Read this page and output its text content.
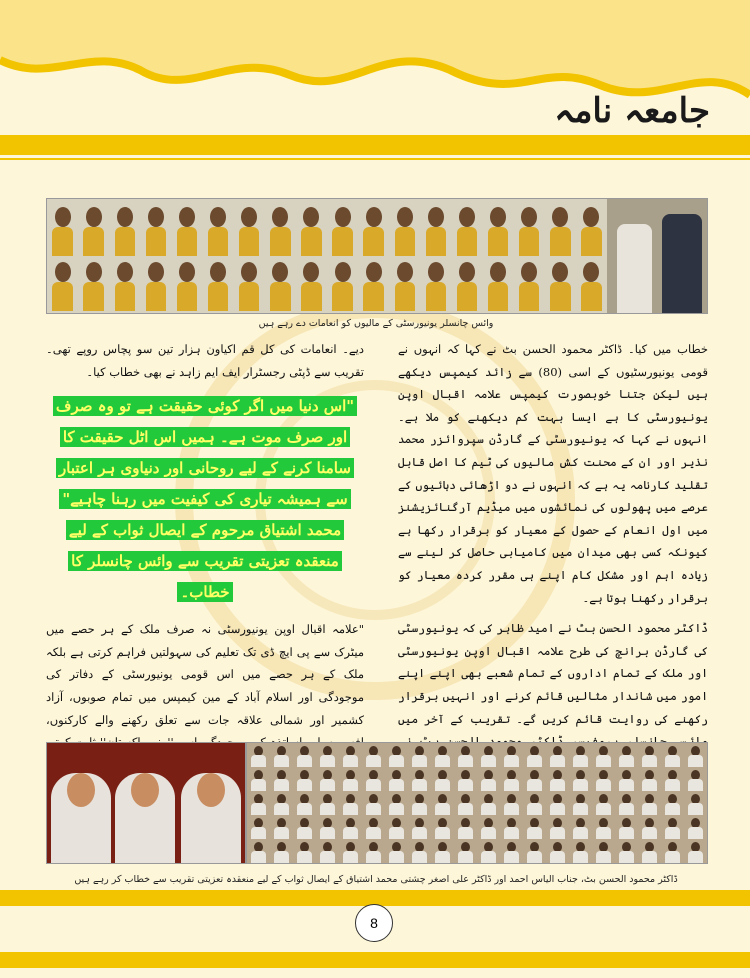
جامعہ نامہ
وائس چانسلر یونیورسٹی کے مالیوں کو انعامات دے رہے ہیں

خطاب میں کیا۔ ڈاکٹر محمود الحسن بٹ نے کہا کہ انہوں نے قومی یونیورسٹیوں کے اسی (80) سے زائد کیمپس دیکھے ہیں لیکن جتنا خوبصورت کیمپس علامہ اقبال اوپن یونیورسٹی کا ہے ایسا بہت کم دیکھنے کو ملا ہے۔ انہوں نے کہا کہ یونیورسٹی کے گارڈن سپروائزر محمد نذیر اور ان کے محنت کش مالیوں کی ٹیم کا اصل قابل تقلید کارنامہ یہ ہے کہ انہوں نے دو اڑھائی دہائیوں کے عرصے میں پھولوں کی نمائشوں میں میڈیم آرگنائزیشنز میں اول انعام کے حصول کے معیار کو برقرار رکھا ہے کیونکہ کسی بھی میدان میں کامیابی حاصل کر لینے سے زیادہ اہم اور مشکل کام اپنے ہی مقرر کردہ معیار کو برقرار رکھنا ہوتا ہے۔

ڈاکٹر محمود الحسن بٹ نے امید ظاہر کی کہ یونیورسٹی کی گارڈن برانچ کی طرح علامہ اقبال اوپن یونیورسٹی اور ملک کے تمام اداروں کے تمام شعبے بھی اپنے اپنے امور میں شاندار مثالیں قائم کرنے اور انہیں برقرار رکھنے کی روایت قائم کریں گے۔ تقریب کے آخر میں

دیے۔ انعامات کی کل قم اکیاون ہزار تین سو پچاس روپے تھی۔ تقریب سے ڈپٹی رجسٹرار ایف ایم زاہد نے بھی خطاب کیا۔

"اس دنیا میں اگر کوئی حقیقت ہے تو وہ صرف اور صرف موت ہے۔ ہمیں اس اٹل حقیقت کا سامنا کرنے کے لیے روحانی اور دنیاوی ہر اعتبار سے ہمیشہ تیاری کی کیفیت میں رہنا چاہیے" محمد اشتیاق مرحوم کے ایصال ثواب کے لیے منعقدہ تعزیتی تقریب سے وائس چانسلر کا خطاب۔

"علامہ اقبال اوپن یونیورسٹی نہ صرف ملک کے ہر حصے میں میٹرک سے پی ایچ ڈی تک تعلیم کی سہولتیں فراہم کرتی ہے بلکہ ملک کے ہر حصے میں اس قومی یونیورسٹی کے دفاتر کی موجودگی اور اسلام آباد کے مین کیمپس میں تمام صوبوں، آزاد کشمیر اور شمالی علاقہ جات سے تعلق رکھنے والے کارکنوں،

ڈاکٹر محمود الحسن بٹ، جناب الیاس احمد اور ڈاکٹر علی اصغر چشتی محمد اشتیاق کے ایصال ثواب کے لیے منعقدہ تعزیتی تقریب سے خطاب کر رہے ہیں
8
